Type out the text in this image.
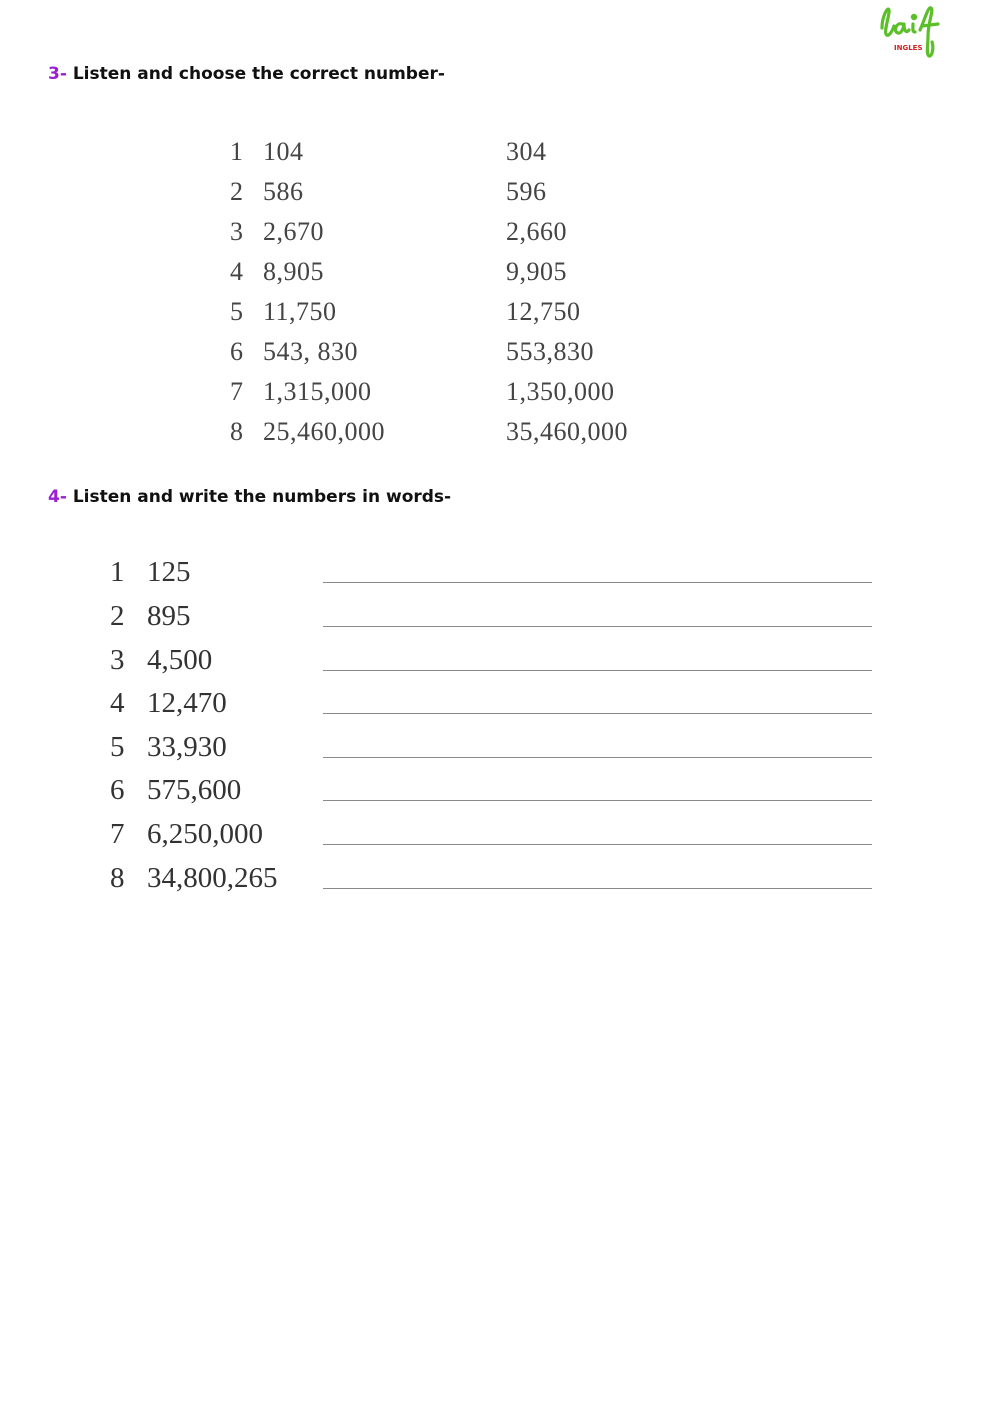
INGLES
3- Listen and choose the correct number-
1 104	304
2 586	596
3 2,670	2,660
4 8,905	9,905
5 11,750	12,750
6 543, 830	553,830
7 1,315,000	1,350,000
8 25,460,000	35,460,000
4- Listen and write the numbers in words-
1 125
2 895
3 4,500
4 12,470
5 33,930
6 575,600
7 6,250,000
8 34,800,265
